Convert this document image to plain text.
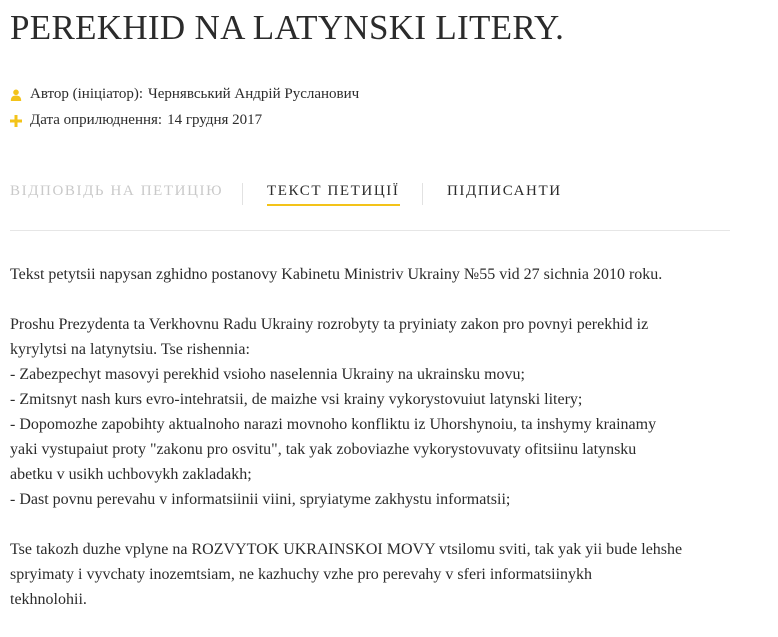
PEREKHID NA LATYNSKI LITERY.
Автор (ініціатор): Чернявський Андрій Русланович
Дата оприлюднення: 14 грудня 2017
ВІДПОВІДЬ НА ПЕТИЦІЮ	ТЕКСТ ПЕТИЦІЇ	ПІДПИСАНТИ

Tekst petytsii napysan zghidno postanovy Kabinetu Ministriv Ukrainy №55 vid 27 sichnia 2010 roku.

Proshu Prezydenta ta Verkhovnu Radu Ukrainy rozrobyty ta pryiniaty zakon pro povnyi perekhid iz
kyrylytsi na latynytsiu. Tse rishennia:
- Zabezpechyt masovyi perekhid vsioho naselennia Ukrainy na ukrainsku movu;
- Zmitsnyt nash kurs evro-intehratsii, de maizhe vsi krainy vykorystovuiut latynski litery;
- Dopomozhe zapobihty aktualnoho narazi movnoho konfliktu iz Uhorshynoiu, ta inshymy krainamy
yaki vystupaiut proty "zakonu pro osvitu", tak yak zoboviazhe vykorystovuvaty ofitsiinu latynsku
abetku v usikh uchbovykh zakladakh;
- Dast povnu perevahu v informatsiinii viini, spryiatyme zakhystu informatsii;

Tse takozh duzhe vplyne na ROZVYTOK UKRAINSKOI MOVY vtsilomu sviti, tak yak yii bude lehshe
spryimaty i vyvchaty inozemtsiam, ne kazhuchy vzhe pro perevahy v sferi informatsiinykh
tekhnolohii.
